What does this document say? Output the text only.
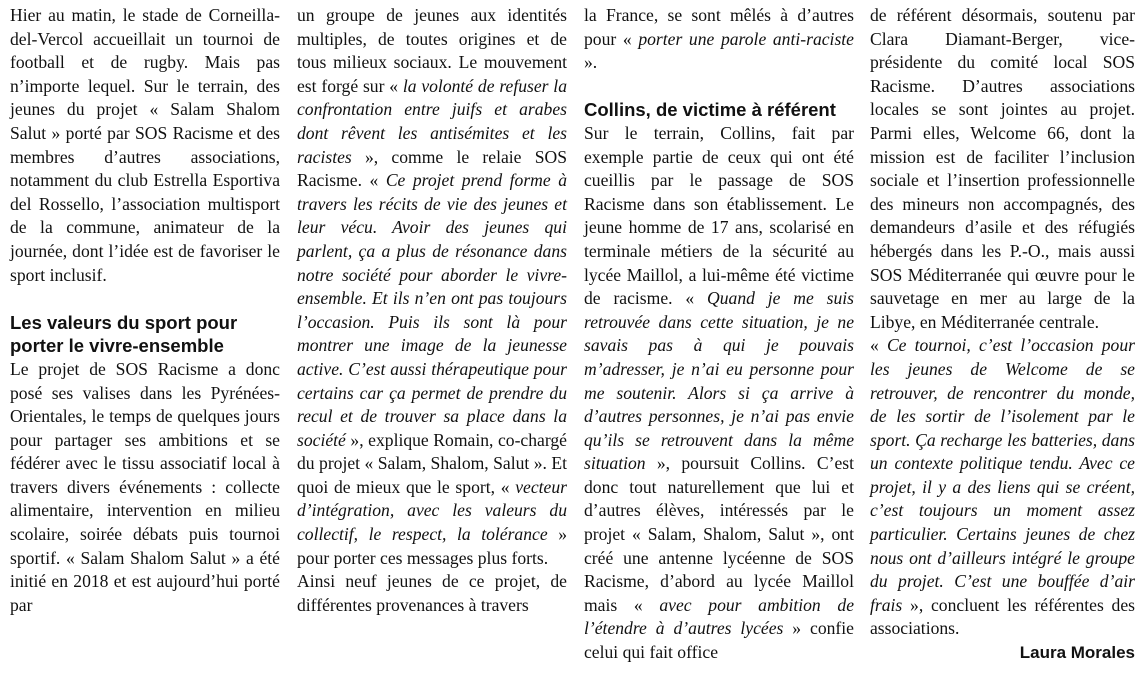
Hier au matin, le stade de Corneilla-del-Vercol accueillait un tournoi de football et de rugby. Mais pas n’importe lequel. Sur le terrain, des jeunes du projet « Salam Shalom Salut » porté par SOS Racisme et des membres d’autres associations, notamment du club Estrella Esportiva del Rossello, l’association multisport de la commune, animateur de la journée, dont l’idée est de favoriser le sport inclusif.

Les valeurs du sport pour porter le vivre-ensemble

Le projet de SOS Racisme a donc posé ses valises dans les Pyrénées-Orientales, le temps de quelques jours pour partager ses ambitions et se fédérer avec le tissu associatif local à travers divers événements : collecte alimentaire, intervention en milieu scolaire, soirée débats puis tournoi sportif. « Salam Shalom Salut » a été initié en 2018 et est aujourd’hui porté par

un groupe de jeunes aux identités multiples, de toutes origines et de tous milieux sociaux. Le mouvement est forgé sur « la volonté de refuser la confrontation entre juifs et arabes dont rêvent les antisémites et les racistes », comme le relaie SOS Racisme. « Ce projet prend forme à travers les récits de vie des jeunes et leur vécu. Avoir des jeunes qui parlent, ça a plus de résonance dans notre société pour aborder le vivre-ensemble. Et ils n’en ont pas toujours l’occasion. Puis ils sont là pour montrer une image de la jeunesse active. C’est aussi thérapeutique pour certains car ça permet de prendre du recul et de trouver sa place dans la société », explique Romain, co-chargé du projet « Salam, Shalom, Salut ». Et quoi de mieux que le sport, « vecteur d’intégration, avec les valeurs du collectif, le respect, la tolérance » pour porter ces messages plus forts.

Ainsi neuf jeunes de ce projet, de différentes provenances à travers

la France, se sont mêlés à d’autres pour « porter une parole anti-raciste ».

Collins, de victime à référent

Sur le terrain, Collins, fait par exemple partie de ceux qui ont été cueillis par le passage de SOS Racisme dans son établissement. Le jeune homme de 17 ans, scolarisé en terminale métiers de la sécurité au lycée Maillol, a lui-même été victime de racisme. « Quand je me suis retrouvée dans cette situation, je ne savais pas à qui je pouvais m’adresser, je n’ai eu personne pour me soutenir. Alors si ça arrive à d’autres personnes, je n’ai pas envie qu’ils se retrouvent dans la même situation », poursuit Collins. C’est donc tout naturellement que lui et d’autres élèves, intéressés par le projet « Salam, Shalom, Salut », ont créé une antenne lycéenne de SOS Racisme, d’abord au lycée Maillol mais « avec pour ambition de l’étendre à d’autres lycées » confie celui qui fait office

de référent désormais, soutenu par Clara Diamant-Berger, vice-présidente du comité local SOS Racisme. D’autres associations locales se sont jointes au projet. Parmi elles, Welcome 66, dont la mission est de faciliter l’inclusion sociale et l’insertion professionnelle des mineurs non accompagnés, des demandeurs d’asile et des réfugiés hébergés dans les P.-O., mais aussi SOS Méditerranée qui œuvre pour le sauvetage en mer au large de la Libye, en Méditerranée centrale.

« Ce tournoi, c’est l’occasion pour les jeunes de Welcome de se retrouver, de rencontrer du monde, de les sortir de l’isolement par le sport. Ça recharge les batteries, dans un contexte politique tendu. Avec ce projet, il y a des liens qui se créent, c’est toujours un moment assez particulier. Certains jeunes de chez nous ont d’ailleurs intégré le groupe du projet. C’est une bouffée d’air frais », concluent les référentes des associations.

Laura Morales
